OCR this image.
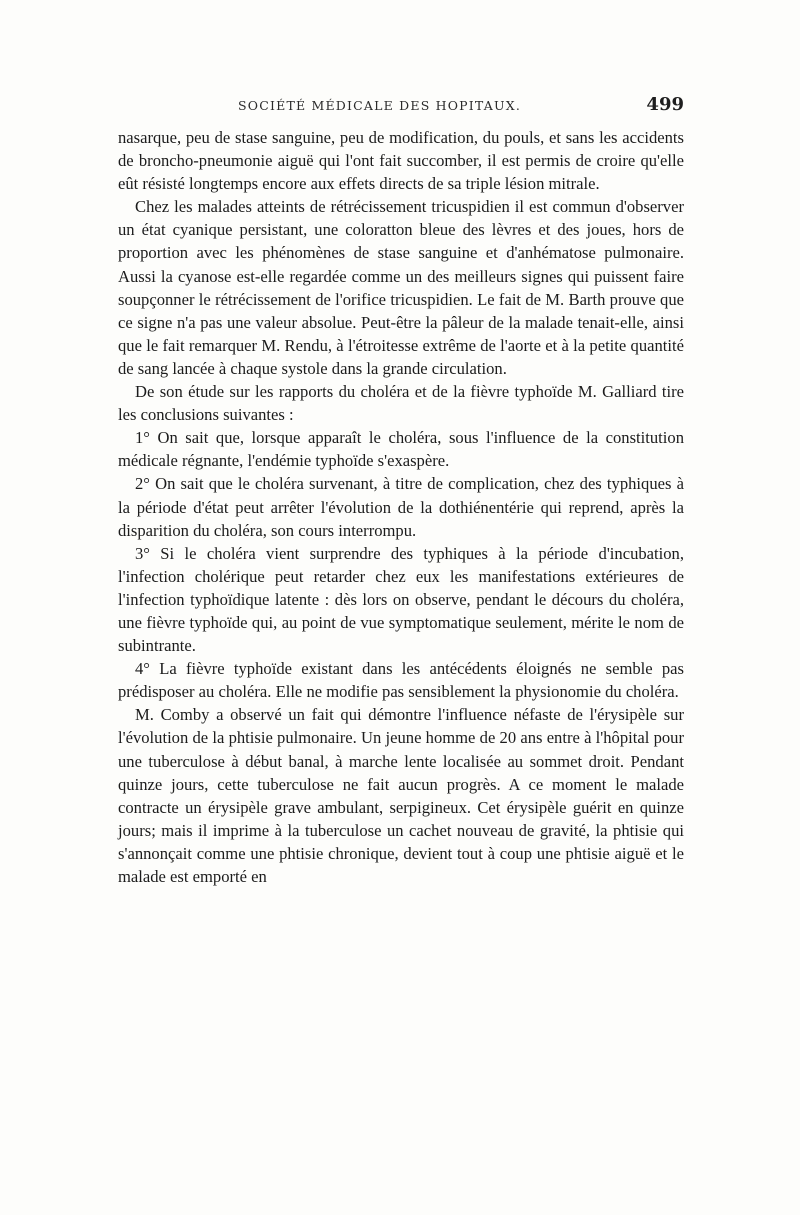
SOCIÉTÉ MÉDICALE DES HOPITAUX.	499

nasarque, peu de stase sanguine, peu de modification, du pouls, et sans les accidents de broncho-pneumonie aiguë qui l'ont fait succomber, il est permis de croire qu'elle eût résisté longtemps encore aux effets directs de sa triple lésion mitrale.

Chez les malades atteints de rétrécissement tricuspidien il est commun d'observer un état cyanique persistant, une coloratton bleue des lèvres et des joues, hors de proportion avec les phénomènes de stase sanguine et d'anhématose pulmonaire. Aussi la cyanose est-elle regardée comme un des meilleurs signes qui puissent faire soupçonner le rétrécissement de l'orifice tricuspidien. Le fait de M. Barth prouve que ce signe n'a pas une valeur absolue. Peut-être la pâleur de la malade tenait-elle, ainsi que le fait remarquer M. Rendu, à l'étroitesse extrême de l'aorte et à la petite quantité de sang lancée à chaque systole dans la grande circulation.

De son étude sur les rapports du choléra et de la fièvre typhoïde M. Galliard tire les conclusions suivantes :

1° On sait que, lorsque apparaît le choléra, sous l'influence de la constitution médicale régnante, l'endémie typhoïde s'exaspère.

2° On sait que le choléra survenant, à titre de complication, chez des typhiques à la période d'état peut arrêter l'évolution de la dothiénentérie qui reprend, après la disparition du choléra, son cours interrompu.

3° Si le choléra vient surprendre des typhiques à la période d'incubation, l'infection cholérique peut retarder chez eux les manifestations extérieures de l'infection typhoïdique latente : dès lors on observe, pendant le décours du choléra, une fièvre typhoïde qui, au point de vue symptomatique seulement, mérite le nom de subintrante.

4° La fièvre typhoïde existant dans les antécédents éloignés ne semble pas prédisposer au choléra. Elle ne modifie pas sensiblement la physionomie du choléra.

M. Comby a observé un fait qui démontre l'influence néfaste de l'érysipèle sur l'évolution de la phtisie pulmonaire. Un jeune homme de 20 ans entre à l'hôpital pour une tuberculose à début banal, à marche lente localisée au sommet droit. Pendant quinze jours, cette tuberculose ne fait aucun progrès. A ce moment le malade contracte un érysipèle grave ambulant, serpigineux. Cet érysipèle guérit en quinze jours; mais il imprime à la tuberculose un cachet nouveau de gravité, la phtisie qui s'annonçait comme une phtisie chronique, devient tout à coup une phtisie aiguë et le malade est emporté en
